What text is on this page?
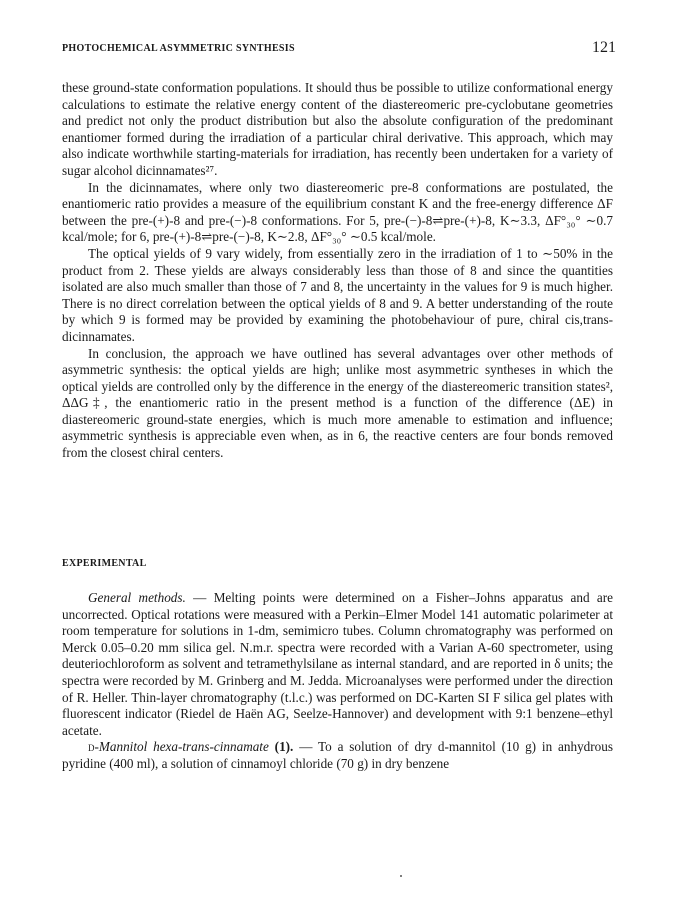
PHOTOCHEMICAL ASYMMETRIC SYNTHESIS	121

these ground-state conformation populations. It should thus be possible to utilize conformational energy calculations to estimate the relative energy content of the diastereomeric pre-cyclobutane geometries and predict not only the product distribution but also the absolute configuration of the predominant enantiomer formed during the irradiation of a particular chiral derivative. This approach, which may also indicate worthwhile starting-materials for irradiation, has recently been undertaken for a variety of sugar alcohol dicinnamates²⁷.

In the dicinnamates, where only two diastereomeric pre-8 conformations are postulated, the enantiomeric ratio provides a measure of the equilibrium constant K and the free-energy difference ΔF between the pre-(+)-8 and pre-(−)-8 conformations. For 5, pre-(−)-8⇌pre-(+)-8, K∼3.3, ΔF°₃₀° ∼0.7 kcal/mole; for 6, pre-(+)-8⇌pre-(−)-8, K∼2.8, ΔF°₃₀° ∼0.5 kcal/mole.

The optical yields of 9 vary widely, from essentially zero in the irradiation of 1 to ∼50% in the product from 2. These yields are always considerably less than those of 8 and since the quantities isolated are also much smaller than those of 7 and 8, the uncertainty in the values for 9 is much higher. There is no direct correlation between the optical yields of 8 and 9. A better understanding of the route by which 9 is formed may be provided by examining the photobehaviour of pure, chiral cis,trans-dicinnamates.

In conclusion, the approach we have outlined has several advantages over other methods of asymmetric synthesis: the optical yields are high; unlike most asymmetric syntheses in which the optical yields are controlled only by the difference in the energy of the diastereomeric transition states², ΔΔG‡, the enantiomeric ratio in the present method is a function of the difference (ΔE) in diastereomeric ground-state energies, which is much more amenable to estimation and influence; asymmetric synthesis is appreciable even when, as in 6, the reactive centers are four bonds removed from the closest chiral centers.

EXPERIMENTAL

General methods. — Melting points were determined on a Fisher–Johns apparatus and are uncorrected. Optical rotations were measured with a Perkin–Elmer Model 141 automatic polarimeter at room temperature for solutions in 1-dm, semimicro tubes. Column chromatography was performed on Merck 0.05–0.20 mm silica gel. N.m.r. spectra were recorded with a Varian A-60 spectrometer, using deuteriochloroform as solvent and tetramethylsilane as internal standard, and are reported in δ units; the spectra were recorded by M. Grinberg and M. Jedda. Microanalyses were performed under the direction of R. Heller. Thin-layer chromatography (t.l.c.) was performed on DC-Karten SI F silica gel plates with fluorescent indicator (Riedel de Haën AG, Seelze-Hannover) and development with 9:1 benzene–ethyl acetate.

d-Mannitol hexa-trans-cinnamate (1). — To a solution of dry d-mannitol (10 g) in anhydrous pyridine (400 ml), a solution of cinnamoyl chloride (70 g) in dry benzene
